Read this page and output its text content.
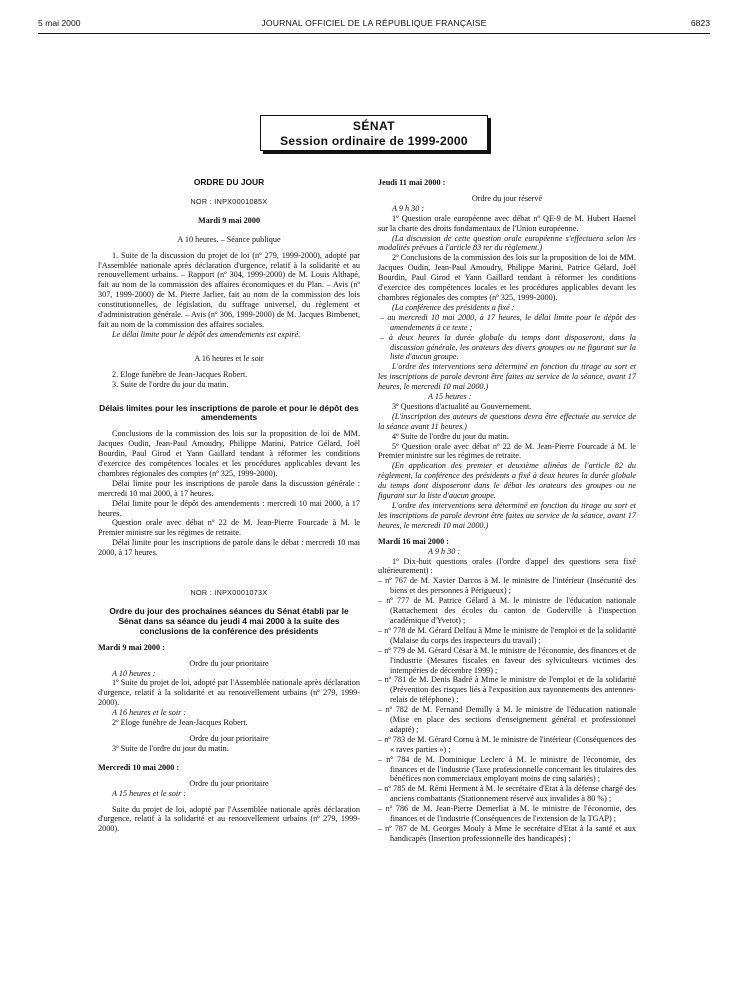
5 mai 2000	JOURNAL OFFICIEL DE LA RÉPUBLIQUE FRANÇAISE	6823
SÉNAT
Session ordinaire de 1999-2000
ORDRE DU JOUR
NOR : INPX0001085X
Mardi 9 mai 2000

A 10 heures. – Séance publique

1. Suite de la discussion du projet de loi (nº 279, 1999-2000), adopté par l'Assemblée nationale après déclaration d'urgence, relatif à la solidarité et au renouvellement urbains. – Rapport (nº 304, 1999-2000) de M. Louis Althapé, fait au nom de la commission des affaires économiques et du Plan. – Avis (nº 307, 1999-2000) de M. Pierre Jarlier, fait au nom de la commission des lois constitutionnelles, de législation, du suffrage universel, du règlement et d'administration générale. – Avis (nº 306, 1999-2000) de M. Jacques Bimbenet, fait au nom de la commission des affaires sociales.

Le délai limite pour le dépôt des amendements est expiré.

A 16 heures et le soir

2. Eloge funèbre de Jean-Jacques Robert.

3. Suite de l'ordre du jour du matin.

Délais limites pour les inscriptions de parole et pour le dépôt des amendements

Conclusions de la commission des lois sur la proposition de loi de MM. Jacques Oudin, Jean-Paul Amoudry, Philippe Marini, Patrice Gélard, Joël Bourdin, Paul Girod et Yann Gaillard tendant à réformer les conditions d'exercice des compétences locales et les procédures applicables devant les chambres régionales des comptes (nº 325, 1999-2000).

Délai limite pour les inscriptions de parole dans la discussion générale : mercredi 10 mai 2000, à 17 heures.

Délai limite pour le dépôt des amendements : mercredi 10 mai 2000, à 17 heures.

Question orale avec débat nº 22 de M. Jean-Pierre Fourcade à M. le Premier ministre sur les régimes de retraite.

Délai limite pour les inscriptions de parole dans le débat : mercredi 10 mai 2000, à 17 heures.

NOR : INPX0001073X
Ordre du jour des prochaines séances du Sénat établi par le Sénat dans sa séance du jeudi 4 mai 2000 à la suite des conclusions de la conférence des présidents

Mardi 9 mai 2000 :

Ordre du jour prioritaire

A 10 heures :

1º Suite du projet de loi, adopté par l'Assemblée nationale après déclaration d'urgence, relatif à la solidarité et au renouvellement urbains (nº 279, 1999-2000).

A 16 heures et le soir :

2º Eloge funèbre de Jean-Jacques Robert.

Ordre du jour prioritaire

3º Suite de l'ordre du jour du matin.

Mercredi 10 mai 2000 :

Ordre du jour prioritaire

A 15 heures et le soir :

Suite du projet de loi, adopté par l'Assemblée nationale après déclaration d'urgence, relatif à la solidarité et au renouvellement urbains (nº 279, 1999-2000).

Jeudi 11 mai 2000 :

Ordre du jour réservé

A 9 h 30 :

1º Question orale européenne avec débat nº QE-9 de M. Hubert Haenel sur la charte des droits fondamentaux de l'Union européenne.

(La discussion de cette question orale européenne s'effectuera selon les modalités prévues à l'article 83 ter du règlement.)

2º Conclusions de la commission des lois sur la proposition de loi de MM. Jacques Oudin, Jean-Paul Amoudry, Philippe Marini, Patrice Gélard, Joël Bourdin, Paul Girod et Yann Gaillard tendant à réformer les conditions d'exercice des compétences locales et les procédures applicables devant les chambres régionales des comptes (nº 325, 1999-2000).

(La conférence des présidents a fixé :

– au mercredi 10 mai 2000, à 17 heures, le délai limite pour le dépôt des amendements à ce texte ;

– à deux heures la durée globale du temps dont disposeront, dans la discussion générale, les orateurs des divers groupes ou ne figurant sur la liste d'aucun groupe.

L'ordre des interventions sera déterminé en fonction du tirage au sort et les inscriptions de parole devront être faites au service de la séance, avant 17 heures, le mercredi 10 mai 2000.)

A 15 heures :

3º Questions d'actualité au Gouvernement.

(L'inscription des auteurs de questions devra être effectuée au service de la séance avant 11 heures.)

4º Suite de l'ordre du jour du matin.

5º Question orale avec débat nº 22 de M. Jean-Pierre Fourcade à M. le Premier ministre sur les régimes de retraite.

(En application des premier et deuxième alinéas de l'article 82 du règlement, la conférence des présidents a fixé à deux heures la durée globale du temps dont disposeront dans le débat les orateurs des groupes ou ne figurant sur la liste d'aucun groupe.

L'ordre des interventions sera déterminé en fonction du tirage au sort et les inscriptions de parole devront être faites au service de la séance, avant 17 heures, le mercredi 10 mai 2000.)

Mardi 16 mai 2000 :

A 9 h 30 :

1º Dix-huit questions orales (l'ordre d'appel des questions sera fixé ultérieurement) :

– nº 767 de M. Xavier Darcos à M. le ministre de l'intérieur (Insécurité des biens et des personnes à Périgueux) ;

– nº 777 de M. Patrice Gélard à M. le ministre de l'éducation nationale (Rattachement des écoles du canton de Goderville à l'inspection académique d'Yvetot) ;

– nº 778 de M. Gérard Delfau à Mme le ministre de l'emploi et de la solidarité (Malaise du corps des inspecteurs du travail) ;

– nº 779 de M. Gérard César à M. le ministre de l'économie, des finances et de l'industrie (Mesures fiscales en faveur des sylviculteurs victimes des intempéries de décembre 1999) ;

– nº 781 de M. Denis Badré à Mme le ministre de l'emploi et de la solidarité (Prévention des risques liés à l'exposition aux rayonnements des antennes-relais de téléphone) ;

– nº 782 de M. Fernand Demilly à M. le ministre de l'éducation nationale (Mise en place des sections d'enseignement général et professionnel adapté) ;

– nº 783 de M. Gérard Cornu à M. le ministre de l'intérieur (Conséquences des « raves parties ») ;

– nº 784 de M. Dominique Leclerc à M. le ministre de l'économie, des finances et de l'industrie (Taxe professionnelle concernant les titulaires des bénéfices non commerciaux employant moins de cinq salariés) ;

– nº 785 de M. Rémi Herment à M. le secrétaire d'Etat à la défense chargé des anciens combattants (Stationnement réservé aux invalides à 80 %) ;

– nº 786 de M. Jean-Pierre Demerliat à M. le ministre de l'économie, des finances et de l'industrie (Conséquences de l'extension de la TGAP) ;

– nº 787 de M. Georges Mouly à Mme le secrétaire d'Etat à la santé et aux handicapés (Insertion professionnelle des handicapés) ;
